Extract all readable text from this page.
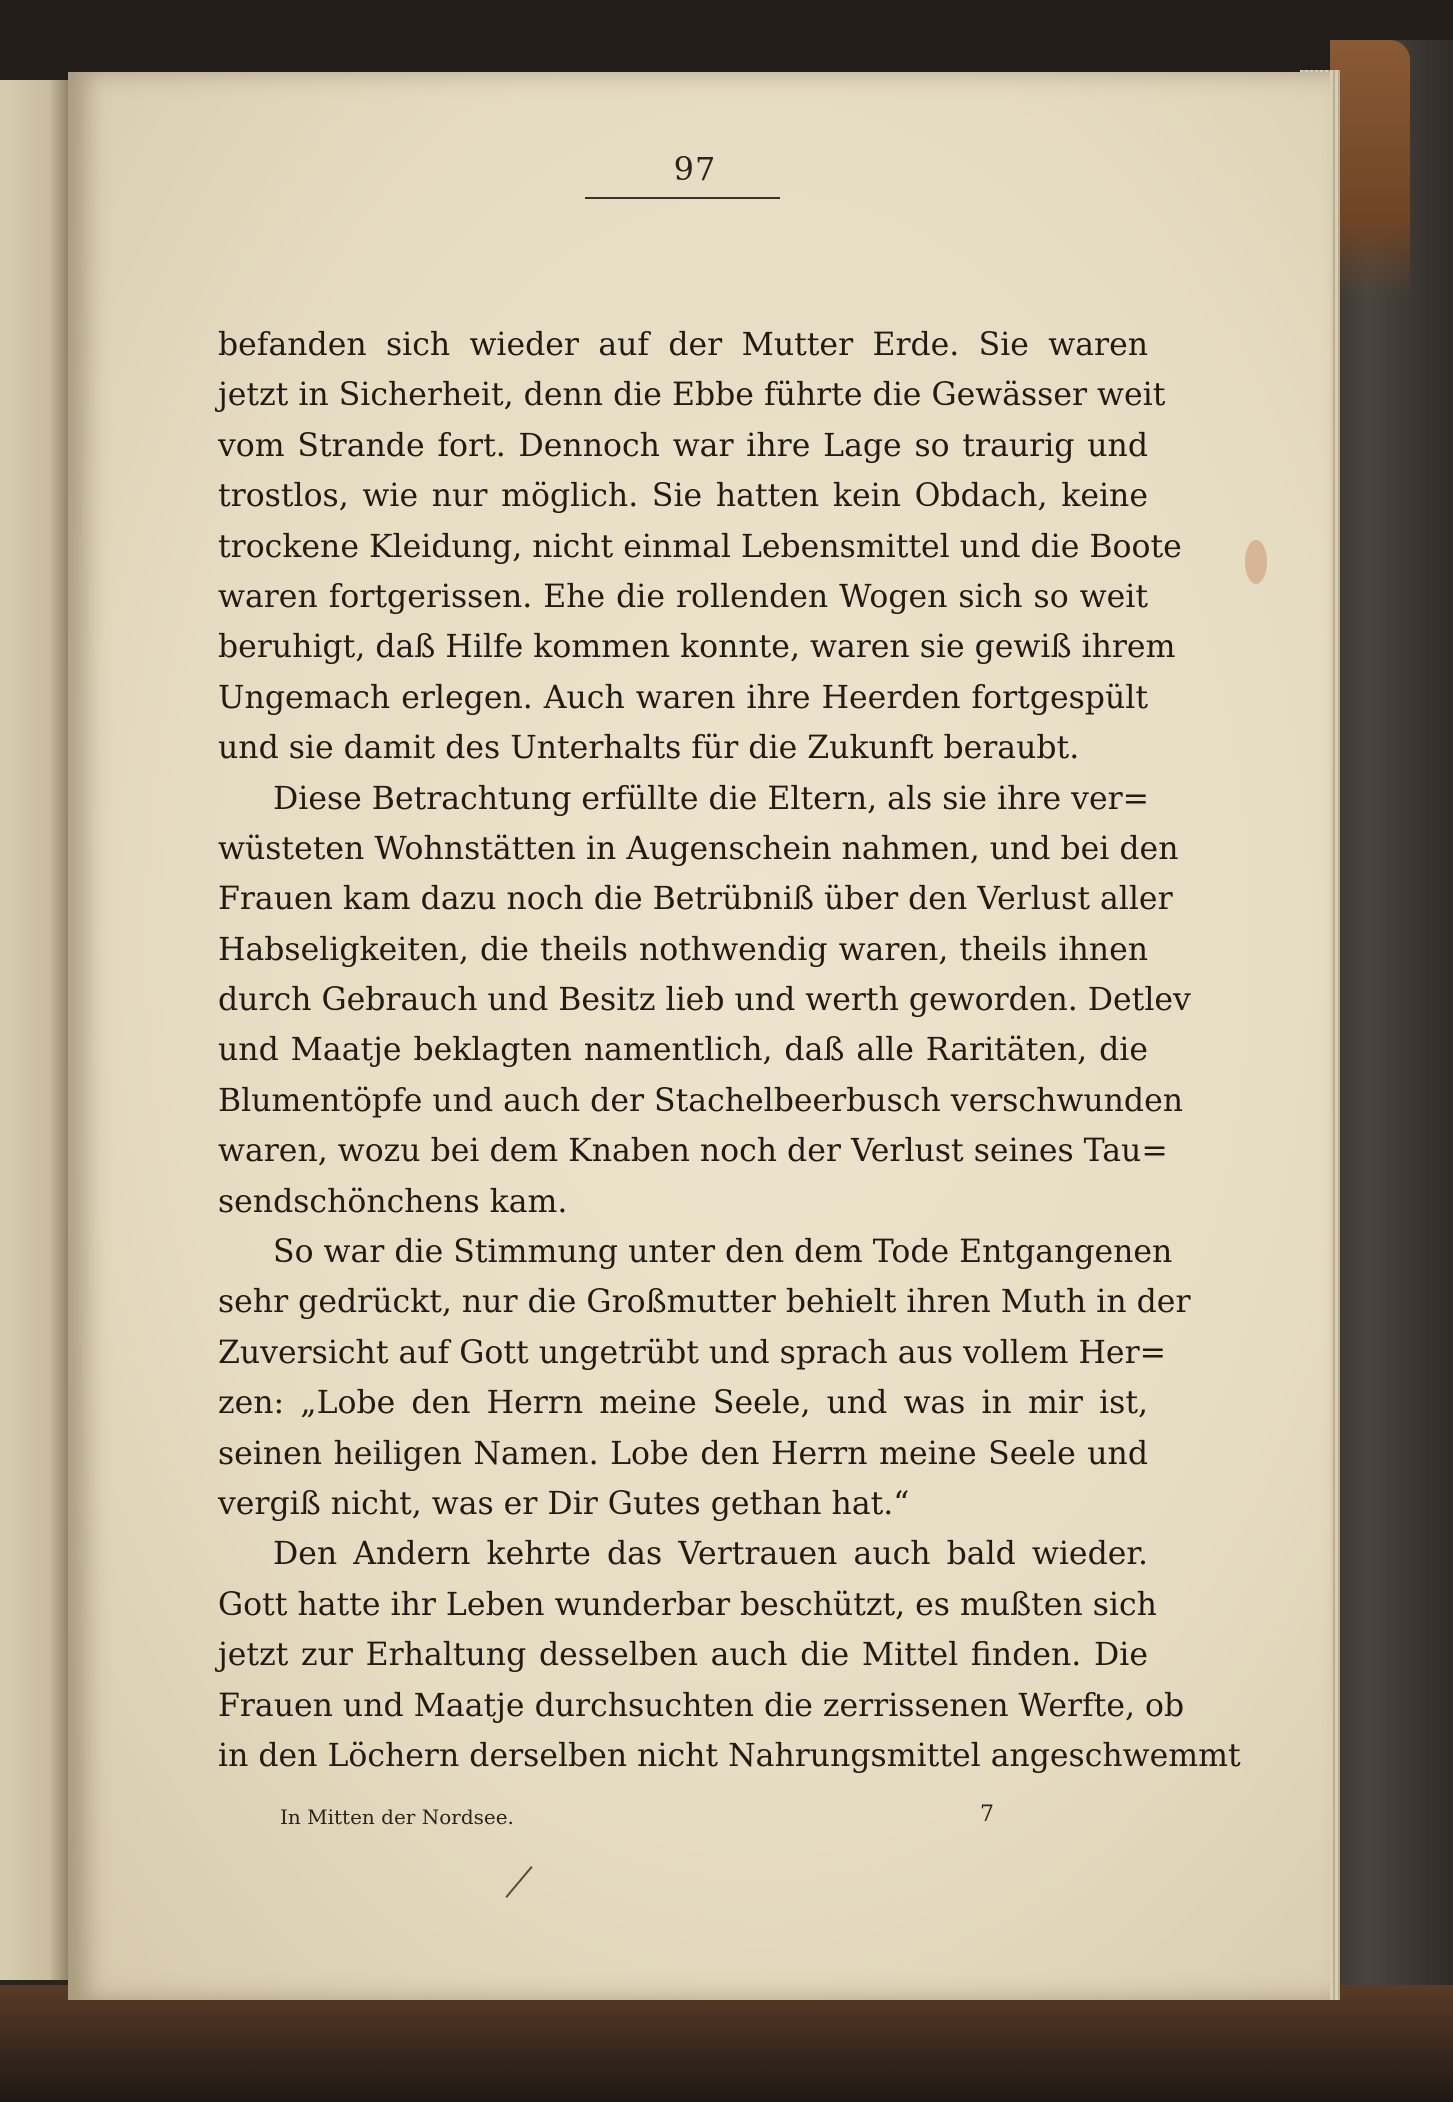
97
befanden sich wieder auf der Mutter Erde. Sie waren
jetzt in Sicherheit, denn die Ebbe führte die Gewässer weit
vom Strande fort. Dennoch war ihre Lage so traurig und
trostlos, wie nur möglich. Sie hatten kein Obdach, keine
trockene Kleidung, nicht einmal Lebensmittel und die Boote
waren fortgerissen. Ehe die rollenden Wogen sich so weit
beruhigt, daß Hilfe kommen konnte, waren sie gewiß ihrem
Ungemach erlegen. Auch waren ihre Heerden fortgespült
und sie damit des Unterhalts für die Zukunft beraubt.
Diese Betrachtung erfüllte die Eltern, als sie ihre ver=
wüsteten Wohnstätten in Augenschein nahmen, und bei den
Frauen kam dazu noch die Betrübniß über den Verlust aller
Habseligkeiten, die theils nothwendig waren, theils ihnen
durch Gebrauch und Besitz lieb und werth geworden. Detlev
und Maatje beklagten namentlich, daß alle Raritäten, die
Blumentöpfe und auch der Stachelbeerbusch verschwunden
waren, wozu bei dem Knaben noch der Verlust seines Tau=
sendschönchens kam.
So war die Stimmung unter den dem Tode Entgangenen
sehr gedrückt, nur die Großmutter behielt ihren Muth in der
Zuversicht auf Gott ungetrübt und sprach aus vollem Her=
zen: „Lobe den Herrn meine Seele, und was in mir ist,
seinen heiligen Namen. Lobe den Herrn meine Seele und
vergiß nicht, was er Dir Gutes gethan hat.“
Den Andern kehrte das Vertrauen auch bald wieder.
Gott hatte ihr Leben wunderbar beschützt, es mußten sich
jetzt zur Erhaltung desselben auch die Mittel finden. Die
Frauen und Maatje durchsuchten die zerrissenen Werfte, ob
in den Löchern derselben nicht Nahrungsmittel angeschwemmt
In Mitten der Nordsee.	7
